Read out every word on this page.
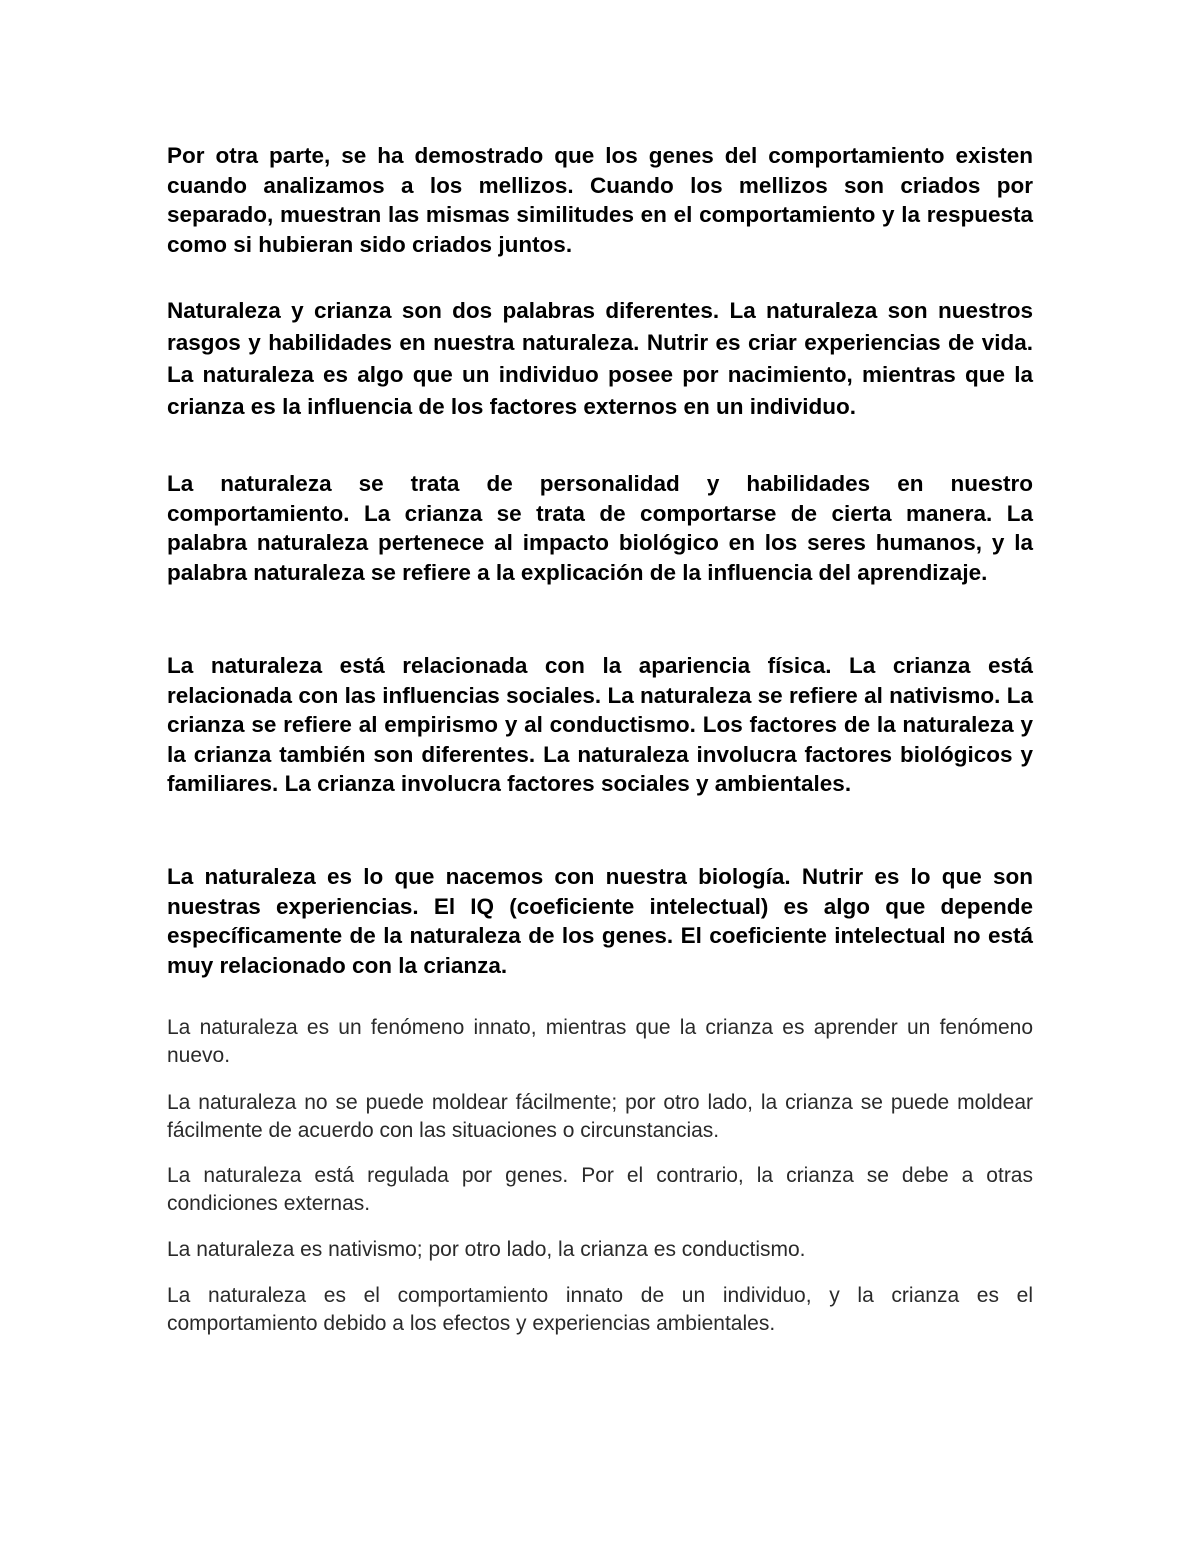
Por otra parte, se ha demostrado que los genes del comportamiento existen cuando analizamos a los mellizos. Cuando los mellizos son criados por separado, muestran las mismas similitudes en el comportamiento y la respuesta como si hubieran sido criados juntos.

Naturaleza y crianza son dos palabras diferentes. La naturaleza son nuestros rasgos y habilidades en nuestra naturaleza. Nutrir es criar experiencias de vida. La naturaleza es algo que un individuo posee por nacimiento, mientras que la crianza es la influencia de los factores externos en un individuo.

La naturaleza se trata de personalidad y habilidades en nuestro comportamiento. La crianza se trata de comportarse de cierta manera. La palabra naturaleza pertenece al impacto biológico en los seres humanos, y la palabra naturaleza se refiere a la explicación de la influencia del aprendizaje.

La naturaleza está relacionada con la apariencia física. La crianza está relacionada con las influencias sociales. La naturaleza se refiere al nativismo. La crianza se refiere al empirismo y al conductismo. Los factores de la naturaleza y la crianza también son diferentes. La naturaleza involucra factores biológicos y familiares. La crianza involucra factores sociales y ambientales.

La naturaleza es lo que nacemos con nuestra biología. Nutrir es lo que son nuestras experiencias. El IQ (coeficiente intelectual) es algo que depende específicamente de la naturaleza de los genes. El coeficiente intelectual no está muy relacionado con la crianza.

La naturaleza es un fenómeno innato, mientras que la crianza es aprender un fenómeno nuevo.

La naturaleza no se puede moldear fácilmente; por otro lado, la crianza se puede moldear fácilmente de acuerdo con las situaciones o circunstancias.

La naturaleza está regulada por genes. Por el contrario, la crianza se debe a otras condiciones externas.

La naturaleza es nativismo; por otro lado, la crianza es conductismo.

La naturaleza es el comportamiento innato de un individuo, y la crianza es el comportamiento debido a los efectos y experiencias ambientales.
